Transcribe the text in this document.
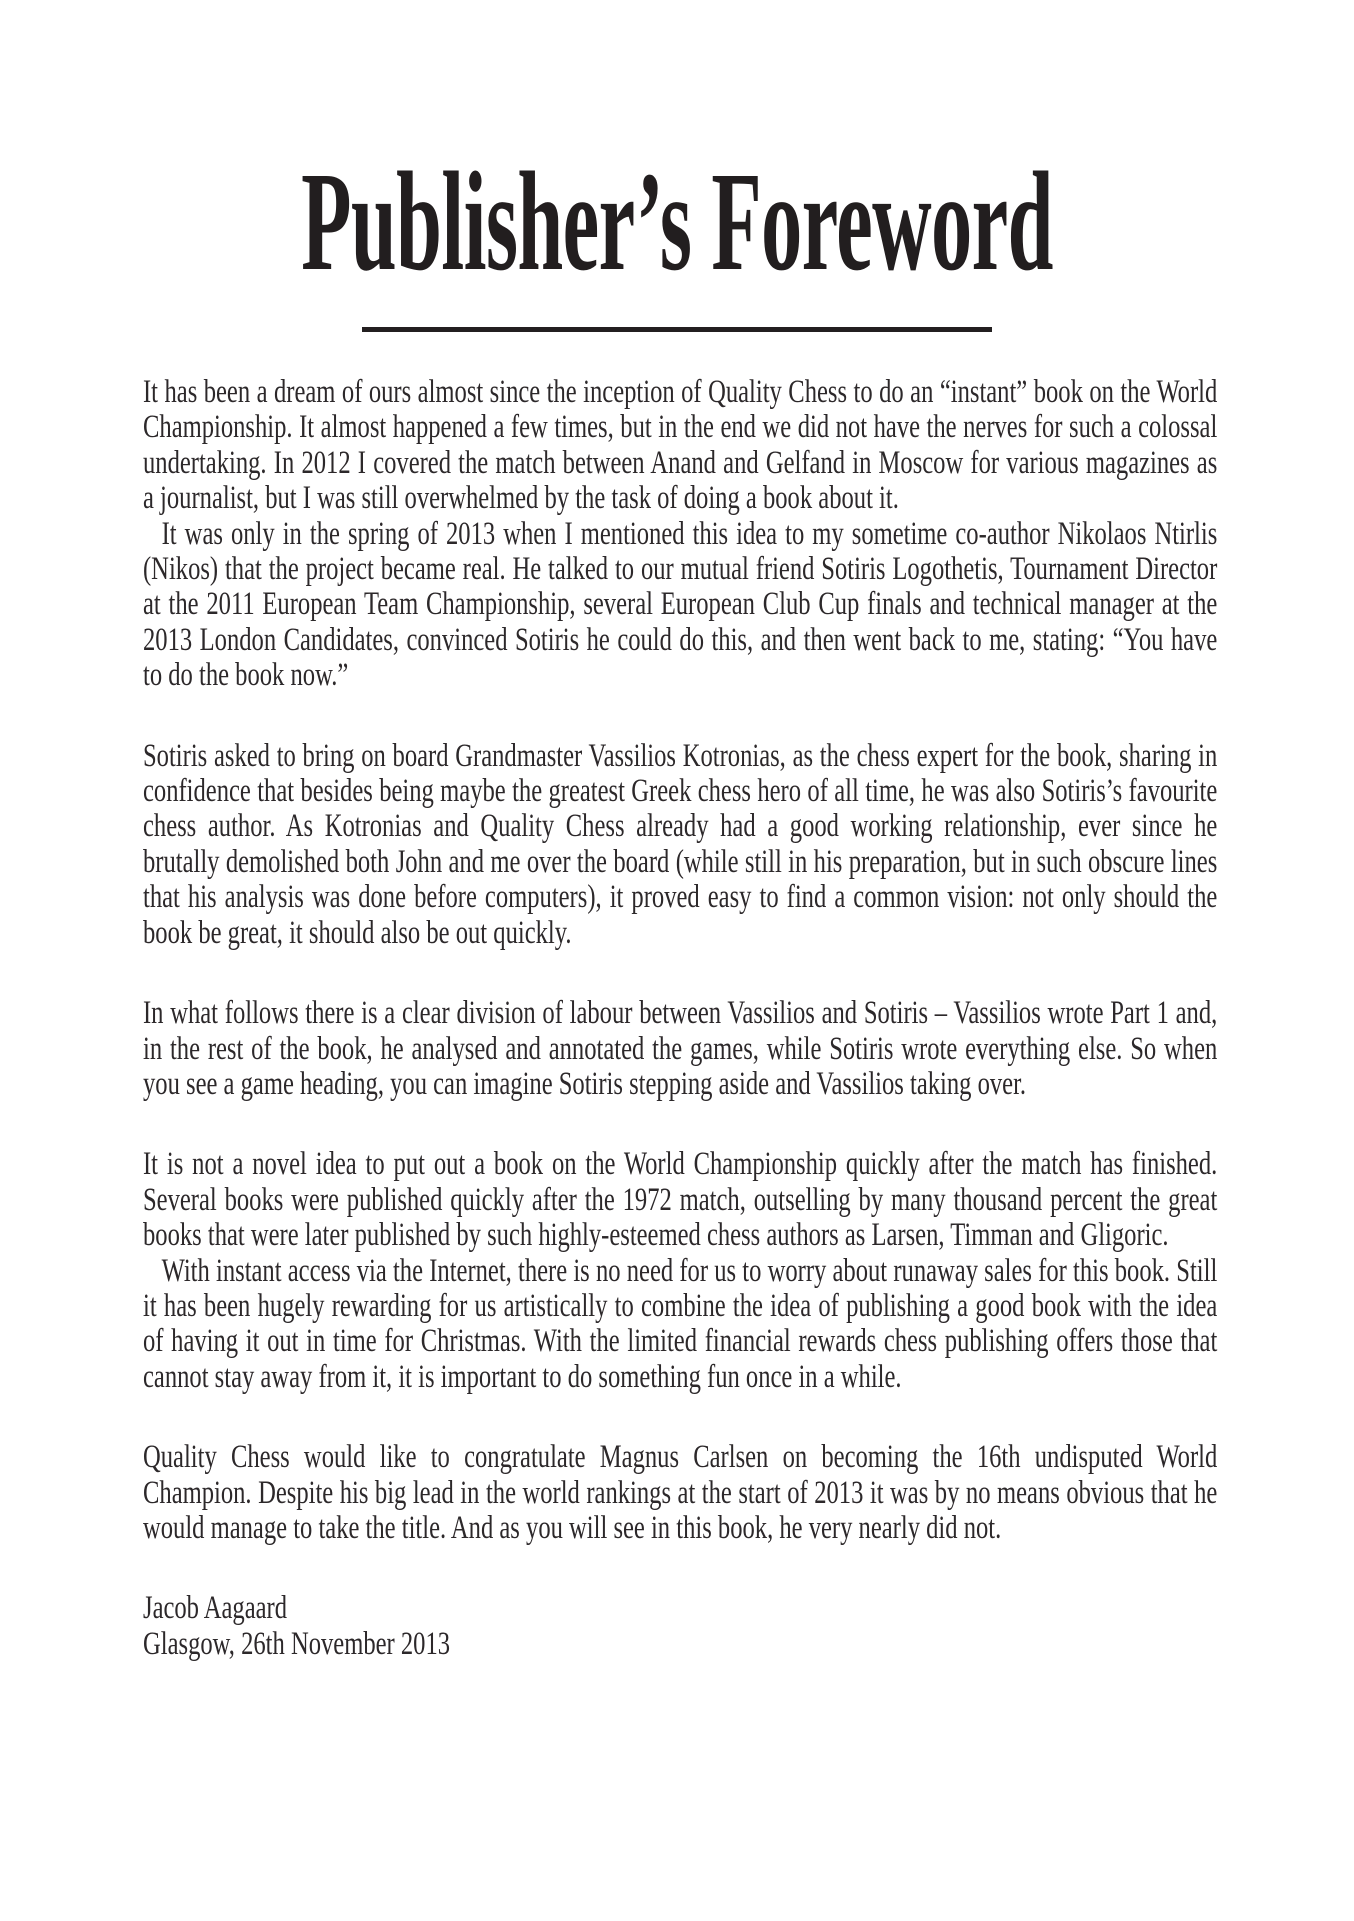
Publisher’s Foreword

It has been a dream of ours almost since the inception of Quality Chess to do an “instant” book on the World Championship. It almost happened a few times, but in the end we did not have the nerves for such a colossal undertaking. In 2012 I covered the match between Anand and Gelfand in Moscow for various magazines as a journalist, but I was still overwhelmed by the task of doing a book about it.

It was only in the spring of 2013 when I mentioned this idea to my sometime co-author Nikolaos Ntirlis (Nikos) that the project became real. He talked to our mutual friend Sotiris Logothetis, Tournament Director at the 2011 European Team Championship, several European Club Cup finals and technical manager at the 2013 London Candidates, convinced Sotiris he could do this, and then went back to me, stating: “You have to do the book now.”

Sotiris asked to bring on board Grandmaster Vassilios Kotronias, as the chess expert for the book, sharing in confidence that besides being maybe the greatest Greek chess hero of all time, he was also Sotiris’s favourite chess author. As Kotronias and Quality Chess already had a good working relationship, ever since he brutally demolished both John and me over the board (while still in his preparation, but in such obscure lines that his analysis was done before computers), it proved easy to find a common vision: not only should the book be great, it should also be out quickly.

In what follows there is a clear division of labour between Vassilios and Sotiris – Vassilios wrote Part 1 and, in the rest of the book, he analysed and annotated the games, while Sotiris wrote everything else. So when you see a game heading, you can imagine Sotiris stepping aside and Vassilios taking over.

It is not a novel idea to put out a book on the World Championship quickly after the match has finished. Several books were published quickly after the 1972 match, outselling by many thousand percent the great books that were later published by such highly-esteemed chess authors as Larsen, Timman and Gligoric.

With instant access via the Internet, there is no need for us to worry about runaway sales for this book. Still it has been hugely rewarding for us artistically to combine the idea of publishing a good book with the idea of having it out in time for Christmas. With the limited financial rewards chess publishing offers those that cannot stay away from it, it is important to do something fun once in a while.

Quality Chess would like to congratulate Magnus Carlsen on becoming the 16th undisputed World Champion. Despite his big lead in the world rankings at the start of 2013 it was by no means obvious that he would manage to take the title. And as you will see in this book, he very nearly did not.

Jacob Aagaard

Glasgow, 26th November 2013
